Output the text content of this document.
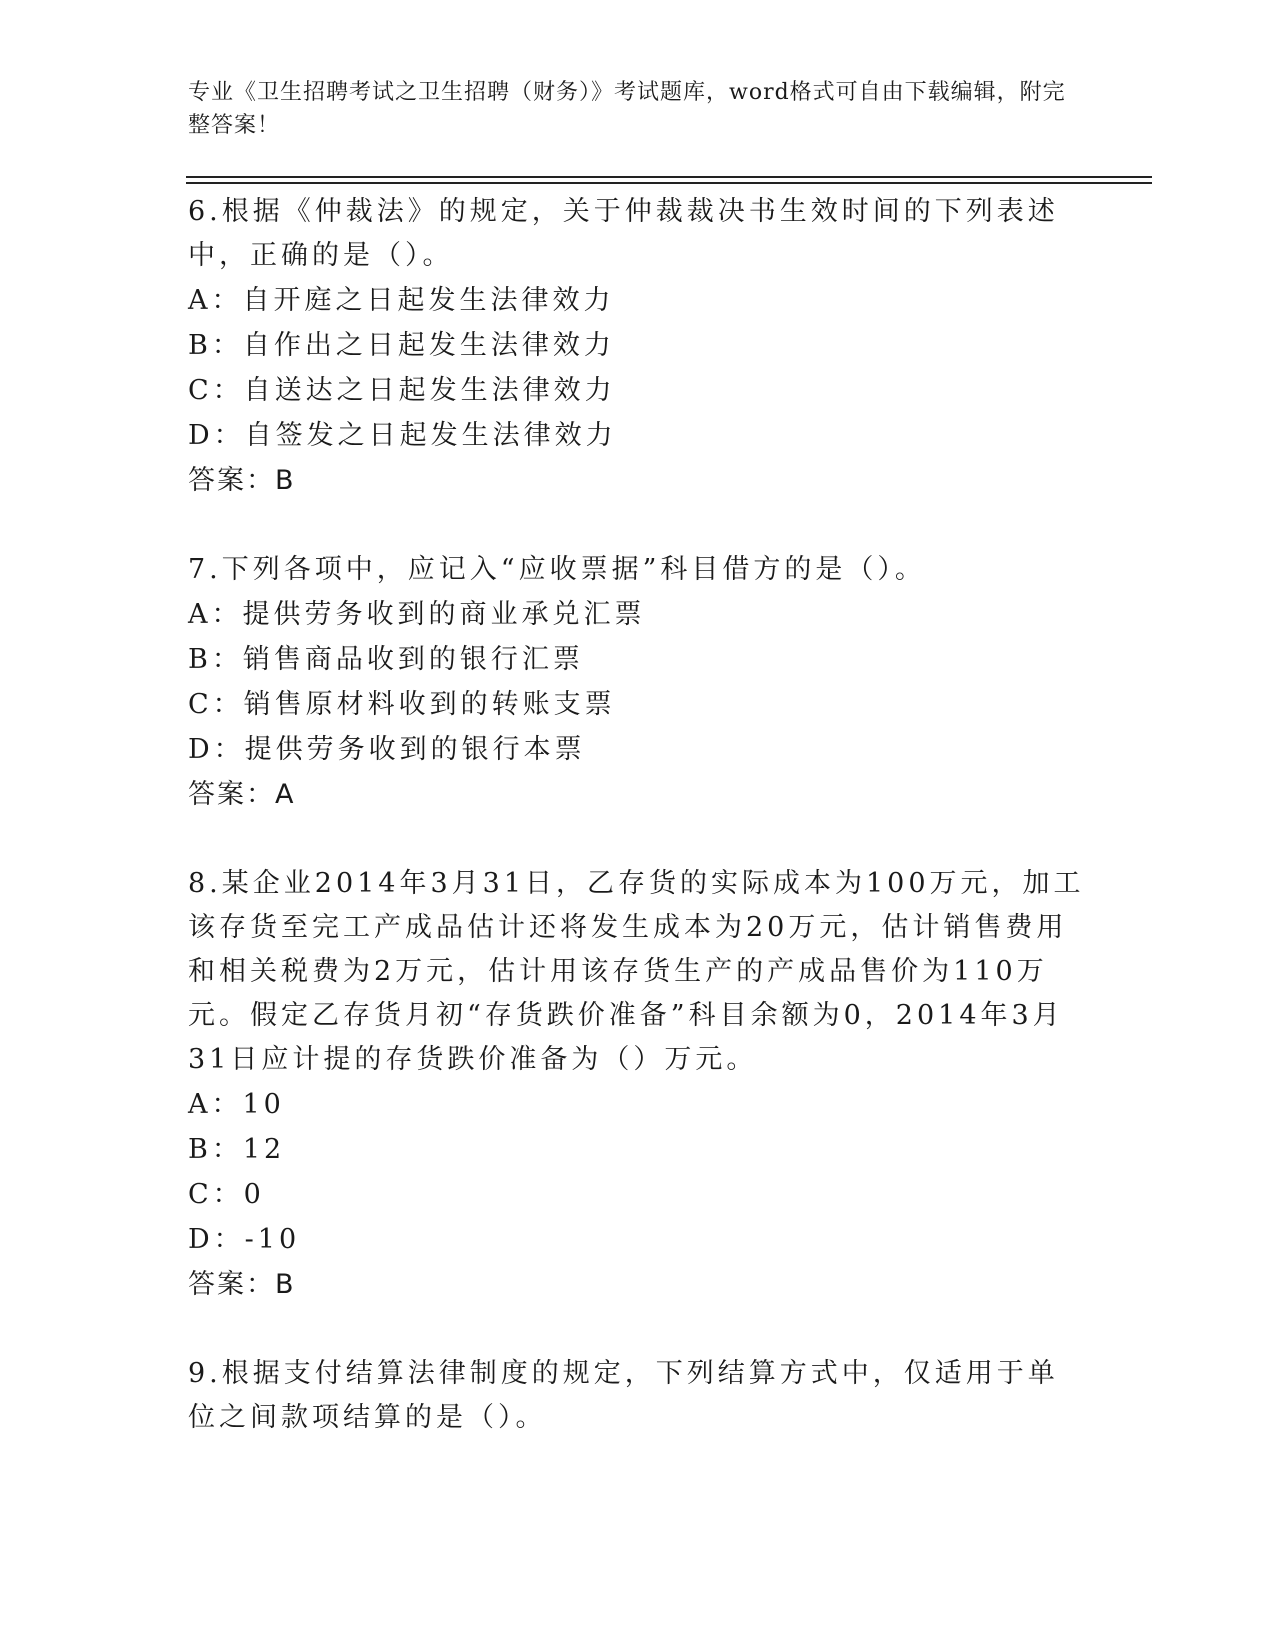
专业《卫生招聘考试之卫生招聘（财务）》考试题库，word格式可自由下载编辑，附完整答案！
6.根据《仲裁法》的规定，关于仲裁裁决书生效时间的下列表述中，正确的是（）。
A：自开庭之日起发生法律效力
B：自作出之日起发生法律效力
C：自送达之日起发生法律效力
D：自签发之日起发生法律效力
答案：B
7.下列各项中，应记入“应收票据”科目借方的是（）。
A：提供劳务收到的商业承兑汇票
B：销售商品收到的银行汇票
C：销售原材料收到的转账支票
D：提供劳务收到的银行本票
答案：A
8.某企业2014年3月31日，乙存货的实际成本为100万元，加工该存货至完工产成品估计还将发生成本为20万元，估计销售费用和相关税费为2万元，估计用该存货生产的产成品售价为110万元。假定乙存货月初“存货跌价准备”科目余额为0，2014年3月31日应计提的存货跌价准备为（）万元。
A：10
B：12
C：0
D：-10
答案：B
9.根据支付结算法律制度的规定，下列结算方式中，仅适用于单位之间款项结算的是（）。
